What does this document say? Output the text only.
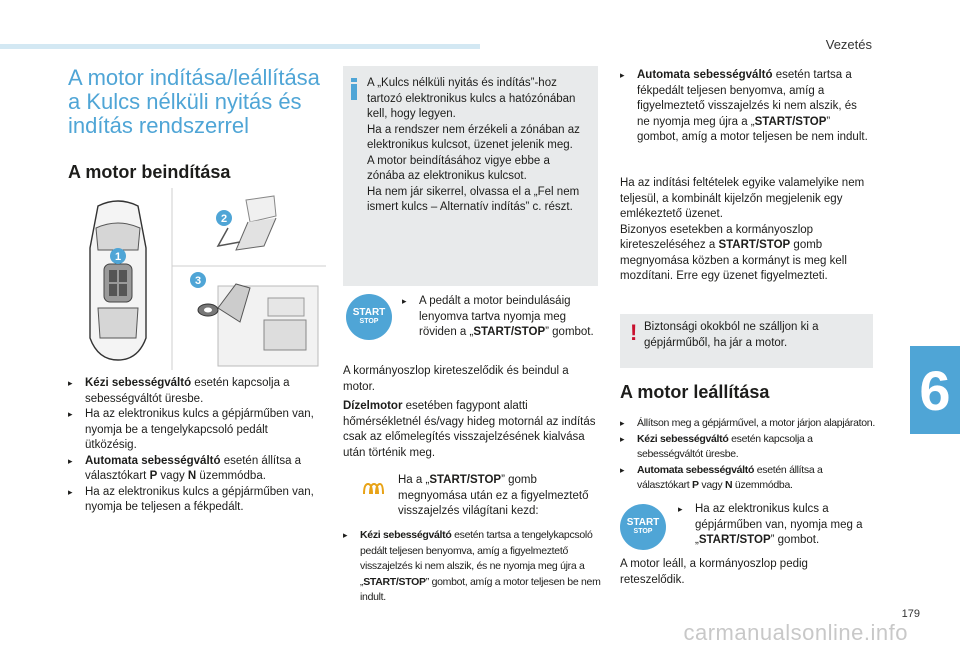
Vezetés
6
179
carmanualsonline.info
A motor indítása/leállítása a Kulcs nélküli nyitás és indítás rendszerrel
A motor beindítása
1
2
3
▸ Kézi sebességváltó esetén kapcsolja a sebességváltót üresbe.
▸ Ha az elektronikus kulcs a gépjárműben van, nyomja be a tengelykapcsoló pedált ütközésig.
▸ Automata sebességváltó esetén állítsa a választókart P vagy N üzemmódba.
▸ Ha az elektronikus kulcs a gépjárműben van, nyomja be teljesen a fékpedált.
A „Kulcs nélküli nyitás és indítás”-hoz tartozó elektronikus kulcs a hatózónában kell, hogy legyen.
Ha a rendszer nem érzékeli a zónában az elektronikus kulcsot, üzenet jelenik meg.
A motor beindításához vigye ebbe a zónába az elektronikus kulcsot.
Ha nem jár sikerrel, olvassa el a „Fel nem ismert kulcs – Alternatív indítás” c. részt.
START
STOP
▸ A pedált a motor beindulásáig lenyomva tartva nyomja meg röviden a „START/STOP” gombot.
A kormányoszlop kireteszelődik és beindul a motor.
Dízelmotor esetében fagypont alatti hőmérsékletnél és/vagy hideg motornál az indítás csak az előmelegítés visszajelzésének kialvása után történik meg.
Ha a „START/STOP” gomb megnyomása után ez a figyelmeztető visszajelzés világítani kezd:
▸ Kézi sebességváltó esetén tartsa a tengelykapcsoló pedált teljesen benyomva, amíg a figyelmeztető visszajelzés ki nem alszik, és ne nyomja meg újra a „START/STOP” gombot, amíg a motor teljesen be nem indult.
▸ Automata sebességváltó esetén tartsa a fékpedált teljesen benyomva, amíg a figyelmeztető visszajelzés ki nem alszik, és ne nyomja meg újra a „START/STOP” gombot, amíg a motor teljesen be nem indult.
Ha az indítási feltételek egyike valamelyike nem teljesül, a kombinált kijelzőn megjelenik egy emlékeztető üzenet.
Bizonyos esetekben a kormányoszlop kireteszeléséhez a START/STOP gomb megnyomása közben a kormányt is meg kell mozdítani. Erre egy üzenet figyelmezteti.
! Biztonsági okokból ne szálljon ki a gépjárműből, ha jár a motor.
A motor leállítása
▸ Állítson meg a gépjárművel, a motor járjon alapjáraton.
▸ Kézi sebességváltó esetén kapcsolja a sebességváltót üresbe.
▸ Automata sebességváltó esetén állítsa a választókart P vagy N üzemmódba.
START
STOP
▸ Ha az elektronikus kulcs a gépjárműben van, nyomja meg a „START/STOP” gombot.
A motor leáll, a kormányoszlop pedig reteszelődik.
